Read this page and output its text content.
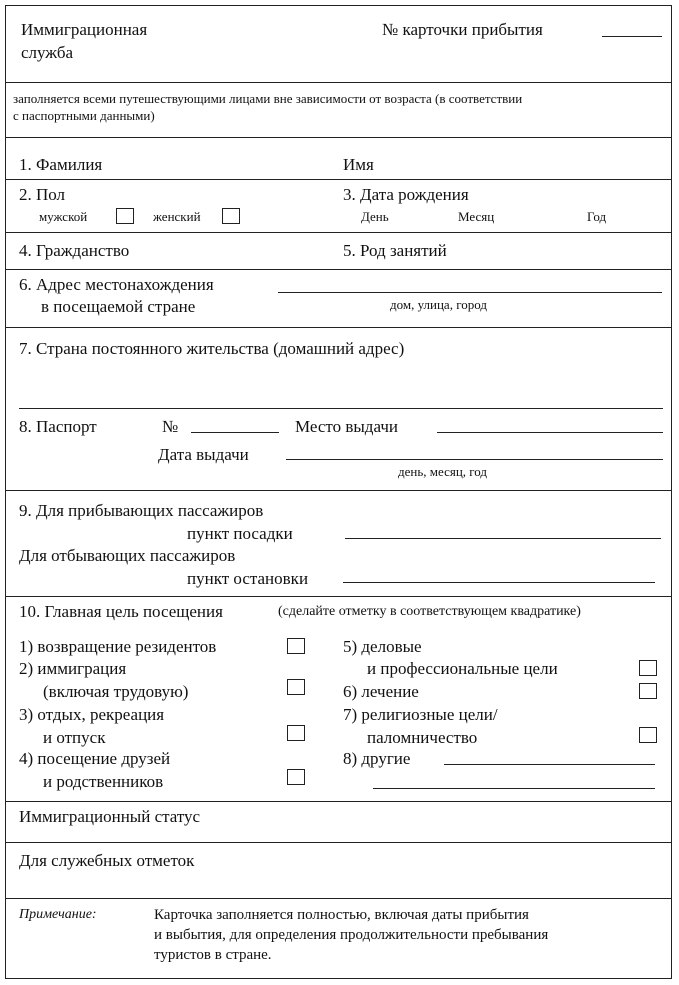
Иммиграционная
служба
№ карточки прибытия
заполняется всеми путешествующими лицами вне зависимости от возраста (в соответствии
с паспортными данными)
1. Фамилия	Имя
2. Пол
мужской	женский
3. Дата рождения
День	Месяц	Год
4. Гражданство	5. Род занятий
6. Адрес местонахождения
в посещаемой стране	дом, улица, город
7. Страна постоянного жительства (домашний адрес)
8. Паспорт	№	Место выдачи
Дата выдачи
день, месяц, год
9. Для прибывающих пассажиров
пункт посадки
Для отбывающих пассажиров
пункт остановки
10. Главная цель посещения	(сделайте отметку в соответствующем квадратике)
1) возвращение резидентов
2) иммиграция
(включая трудовую)
3) отдых, рекреация
и отпуск
4) посещение друзей
и родственников
5) деловые
и профессиональные цели
6) лечение
7) религиозные цели/
паломничество
8) другие
Иммиграционный статус
Для служебных отметок
Примечание:	Карточка заполняется полностью, включая даты прибытия
и выбытия, для определения продолжительности пребывания
туристов в стране.
